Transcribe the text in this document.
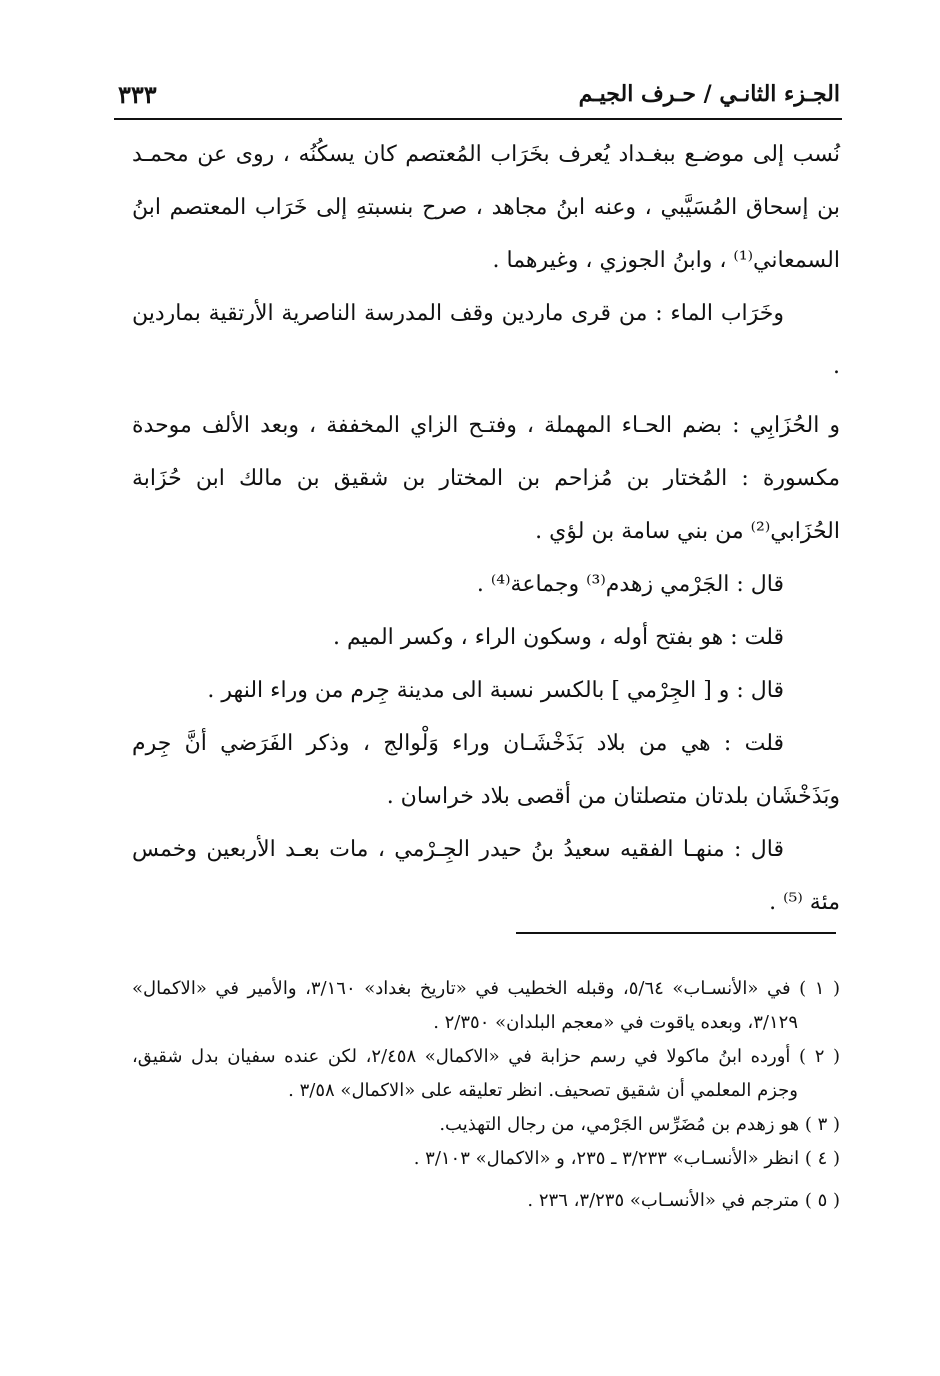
الجـزء الثانـي / حـرف الجيـم
٣٣٣

نُسب إلى موضـع ببغـداد يُعرف بخَرَاب المُعتصم كان يسكُنُه ، روى عن محمـد بن إسحاق المُسَيَّبي ، وعنه ابنُ مجاهد ، صرح بنسبتهِ إلى خَرَاب المعتصم ابنُ السمعاني⁽¹⁾ ، وابنُ الجوزي ، وغيرهما .

وخَرَاب الماء : من قرى ماردين وقف المدرسة الناصرية الأرتقية بماردين .

و الحُزَابِي : بضم الحـاء المهملة ، وفتـح الزاي المخففة ، وبعد الألف موحدة مكسورة : المُختار بن مُزاحم بن المختار بن شقيق بن مالك ابن حُزَابة الحُزَابي⁽²⁾ من بني سامة بن لؤي .

قال : الجَرْمي زهدم⁽³⁾ وجماعة⁽⁴⁾ .

قلت : هو بفتح أوله ، وسكون الراء ، وكسر الميم .

قال : و [ الجِرْمي ] بالكسر نسبة الى مدينة جِرم من وراء النهر .

قلت : هي من بلاد بَذَخْشَـان وراء وَلْوالج ، وذكر الفَرَضي أنَّ جِرم وبَذَخْشَان بلدتان متصلتان من أقصى بلاد خراسان .

قال : منهـا الفقيه سعيدُ بنُ حيدر الجِـرْمي ، مات بعـد الأربعين وخمس مئة ⁽⁵⁾ .

( ١ ) في «الأنسـاب» ٥/٦٤، وقبله الخطيب في «تاريخ بغداد» ٣/١٦٠، والأمير في «الاكمال» ٣/١٢٩، وبعده ياقوت في «معجم البلدان» ٢/٣٥٠ .

( ٢ ) أورده ابنُ ماكولا في رسم حزابة في «الاكمال» ٢/٤٥٨، لكن عنده سفيان بدل شقيق، وجزم المعلمي أن شقيق تصحيف. انظر تعليقه على «الاكمال» ٣/٥٨ .

( ٣ ) هو زهدم بن مُضَرِّس الجَرْمي، من رجال التهذيب.

( ٤ ) انظر «الأنسـاب» ٣/٢٣٣ ـ ٢٣٥، و «الاكمال» ٣/١٠٣ .

( ٥ ) مترجم في «الأنسـاب» ٣/٢٣٥، ٢٣٦ .
